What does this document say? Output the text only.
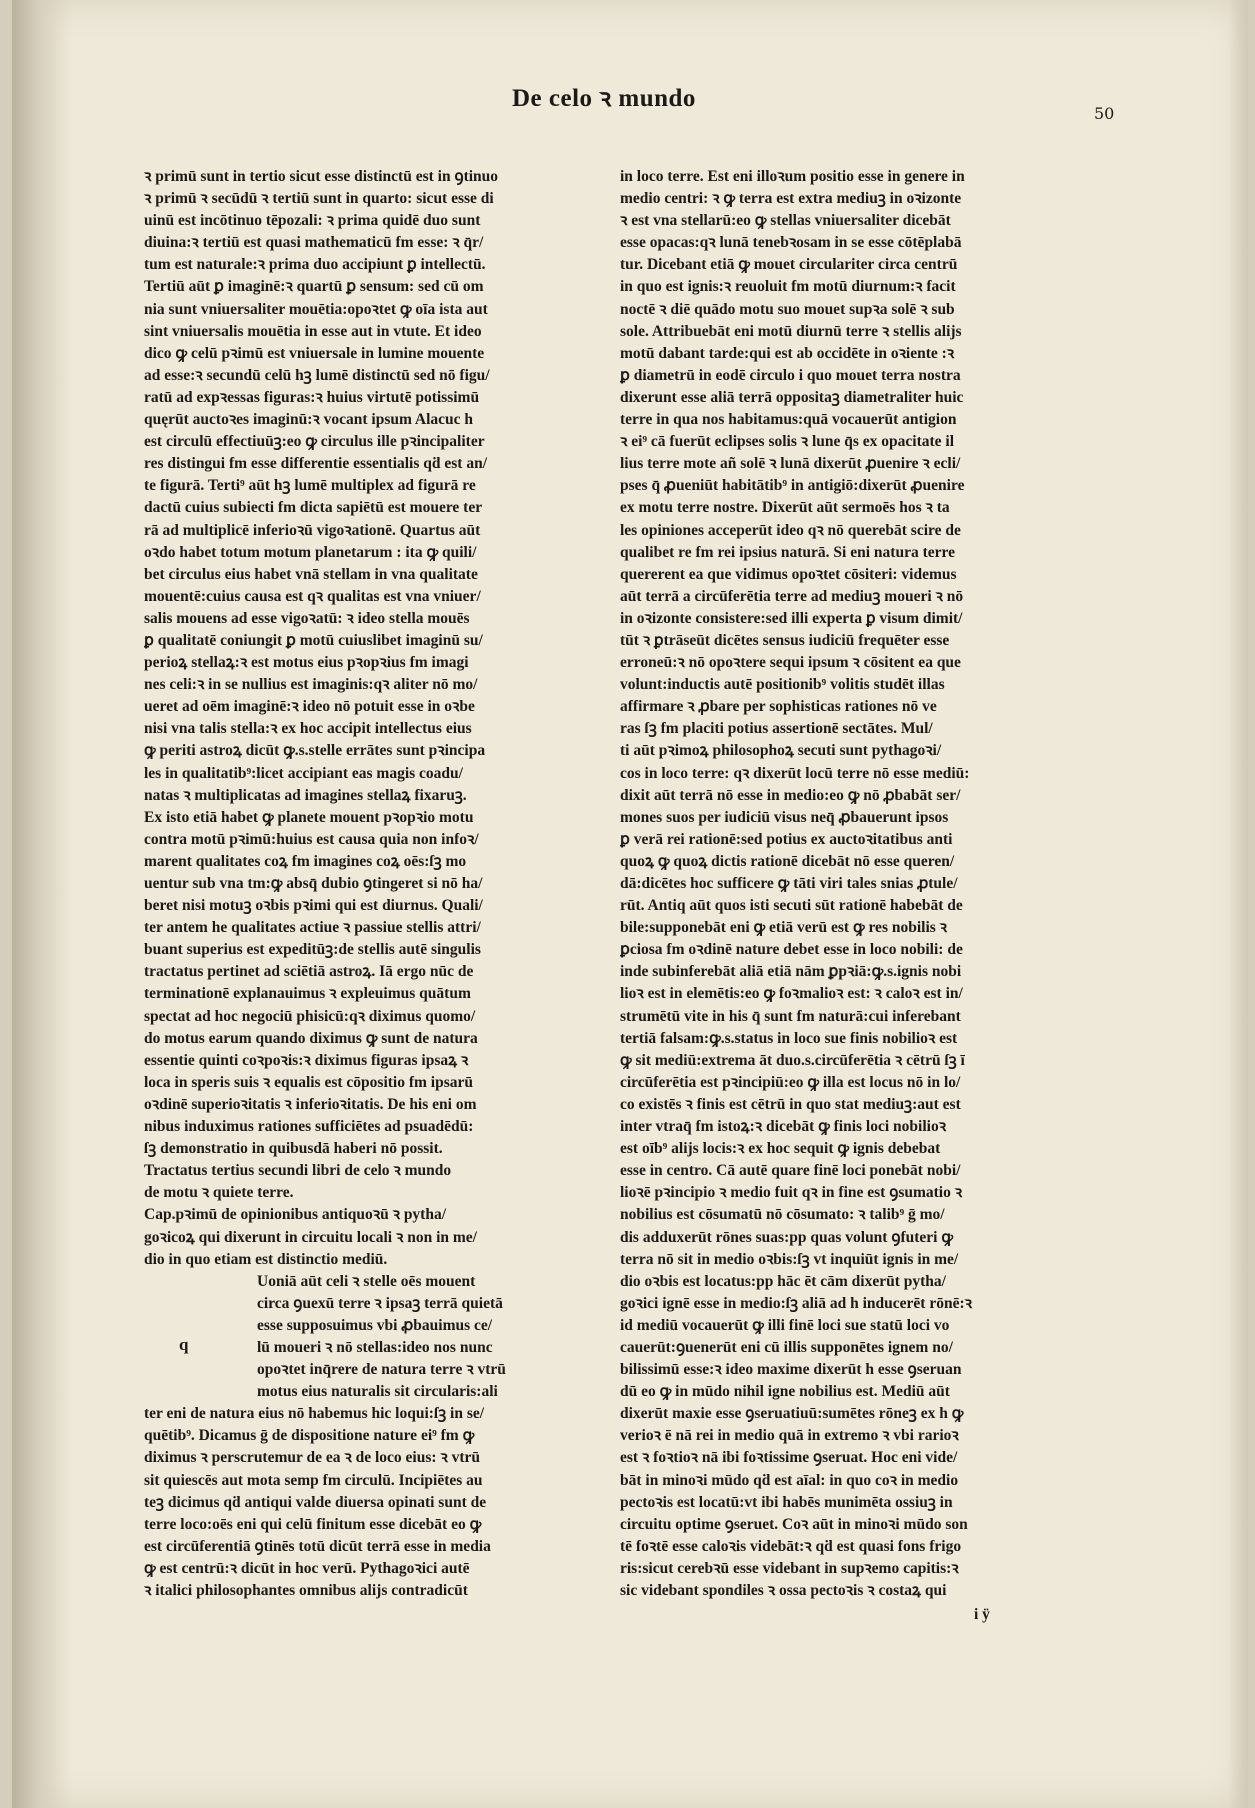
De celo ꝛ mundo
50
ꝛ primū sunt in tertio sicut esse distinctū est in ꝯtinuo
ꝛ primū ꝛ secūdū ꝛ tertiū sunt in quarto: sicut esse di
uinū est incōtinuo tēpozali: ꝛ prima quidē duo sunt
diuina:ꝛ tertiū est quasi mathematicū fm esse: ꝛ q̄r/
tum est naturale:ꝛ prima duo accipiunt ꝑ intellectū.
Tertiū aūt ꝑ imaginē:ꝛ quartū ꝑ sensum: sed cū om
nia sunt vniuersaliter mouētia:opoꝛtet ꝙ oīa ista aut
sint vniuersalis mouētia in esse aut in vtute. Et ideo
dico ꝙ celū pꝛimū est vniuersale in lumine mouente
ad esse:ꝛ secundū celū hꝫ lumē distinctū sed nō figu/
ratū ad expꝛessas figuras:ꝛ huius virtutē potissimū
quęrūt auctoꝛes imaginū:ꝛ vocant ipsum Alacuc h
est circulū effectiuūꝫ:eo ꝙ circulus ille pꝛincipaliter
res distingui fm esse differentie essentialis qḋ est an/
te figurā. Terti⁹ aūt hꝫ lumē multiplex ad figurā re
dactū cuius subiecti fm dicta sapiētū est mouere ter
rā ad multiplicē inferioꝛū vigoꝛationē. Quartus aūt
oꝛdo habet totum motum planetarum : ita ꝙ quili/
bet circulus eius habet vnā stellam in vna qualitate
mouentē:cuius causa est qꝛ qualitas est vna vniuer/
salis mouens ad esse vigoꝛatū: ꝛ ideo stella mouēs
ꝑ qualitatē coniungit ꝑ motū cuiuslibet imaginū su/
perioꝝ stellaꝝ:ꝛ est motus eius pꝛopꝛius fm imagi
nes celi:ꝛ in se nullius est imaginis:qꝛ aliter nō mo/
ueret ad oēm imaginē:ꝛ ideo nō potuit esse in oꝛbe
nisi vna talis stella:ꝛ ex hoc accipit intellectus eius
ꝙ periti astroꝝ dicūt ꝙ.s.stelle errātes sunt pꝛincipa
les in qualitatib⁹:licet accipiant eas magis coadu/
natas ꝛ multiplicatas ad imagines stellaꝝ fixaruꝫ.
Ex isto etiā habet ꝙ planete mouent pꝛopꝛio motu
contra motū pꝛimū:huius est causa quia non infoꝛ/
marent qualitates coꝝ fm imagines coꝝ oēs:ſꝫ mo
uentur sub vna tm:ꝙ absq̄ dubio ꝯtingeret si nō ha/
beret nisi motuꝫ oꝛbis pꝛimi qui est diurnus. Quali/
ter antem he qualitates actiue ꝛ passiue stellis attri/
buant superius est expeditūꝫ:de stellis autē singulis
tractatus pertinet ad sciētiā astroꝝ. Iā ergo nūc de
terminationē explanauimus ꝛ expleuimus quātum
spectat ad hoc negociū phisicū:qꝛ diximus quomo/
do motus earum quando diximus ꝙ sunt de natura
essentie quinti coꝛpoꝛis:ꝛ diximus figuras ipsaꝝ ꝛ
loca in speris suis ꝛ equalis est cōpositio fm ipsarū
oꝛdinē superioꝛitatis ꝛ inferioꝛitatis. De his eni om
nibus induximus rationes sufficiētes ad psuadēdū:
ſꝫ demonstratio in quibusdā haberi nō possit.
Tractatus tertius secundi libri de celo ꝛ mundo
de motu ꝛ quiete terre.
Cap.pꝛimū de opinionibus antiquoꝛū ꝛ pytha/
goꝛicoꝝ qui dixerunt in circuitu locali ꝛ non in me/
dio in quo etiam est distinctio mediū.
Uoniā aūt celi ꝛ stelle oēs mouent
circa ꝯuexū terre ꝛ ipsaꝫ terrā quietā
esse supposuimus vbi ꝓbauimus ce/
lū moueri ꝛ nō stellas:ideo nos nunc
opoꝛtet inq̄rere de natura terre ꝛ vtrū
motus eius naturalis sit circularis:ali
ter eni de natura eius nō habemus hic loqui:ſꝫ in se/
quētib⁹. Dicamus ḡ de dispositione nature ei⁹ fm ꝙ
diximus ꝛ perscrutemur de ea ꝛ de loco eius: ꝛ vtrū
sit quiescēs aut mota semp fm circulū. Incipiētes au
teꝫ dicimus qḋ antiqui valde diuersa opinati sunt de
terre loco:oēs eni qui celū finitum esse dicebāt eo ꝙ
est circūferentiā ꝯtinēs totū dicūt terrā esse in media
ꝙ est centrū:ꝛ dicūt in hoc verū. Pythagoꝛici autē
ꝛ italici philosophantes omnibus alijs contradicūt
in loco terre. Est eni illoꝛum positio esse in genere in
medio centri: ꝛ ꝙ terra est extra mediuꝫ in oꝛizonte
ꝛ est vna stellarū:eo ꝙ stellas vniuersaliter dicebāt
esse opacas:qꝛ lunā tenebꝛosam in se esse cōtēplabā
tur. Dicebant etiā ꝙ mouet circulariter circa centrū
in quo est ignis:ꝛ reuoluit fm motū diurnum:ꝛ facit
noctē ꝛ diē quādo motu suo mouet supꝛa solē ꝛ sub
sole. Attribuebāt eni motū diurnū terre ꝛ stellis alijs
motū dabant tarde:qui est ab occidēte in oꝛiente :ꝛ
ꝑ diametrū in eodē circulo i quo mouet terra nostra
dixerunt esse aliā terrā oppositaꝫ diametraliter huic
terre in qua nos habitamus:quā vocauerūt antigion
ꝛ ei⁹ cā fuerūt eclipses solis ꝛ lune q̄s ex opacitate il
lius terre mote añ solē ꝛ lunā dixerūt ꝓuenire ꝛ ecli/
pses q̄ ꝓueniūt habitātib⁹ in antigiō:dixerūt ꝓuenire
ex motu terre nostre. Dixerūt aūt sermoēs hos ꝛ ta
les opiniones acceperūt ideo qꝛ nō querebāt scire de
qualibet re fm rei ipsius naturā. Si eni natura terre
quererent ea que vidimus opoꝛtet cōsiteri: videmus
aūt terrā a circūferētia terre ad mediuꝫ moueri ꝛ nō
in oꝛizonte consistere:sed illi experta ꝑ visum dimit/
tūt ꝛ ꝑtrāseūt dicētes sensus iudiciū frequēter esse
erroneū:ꝛ nō opoꝛtere sequi ipsum ꝛ cōsitent ea que
volunt:inductis autē positionib⁹ volitis studēt illas
affirmare ꝛ ꝓbare per sophisticas rationes nō ve
ras ſꝫ fm placiti potius assertionē sectātes. Mul/
ti aūt pꝛimoꝝ philosophoꝝ secuti sunt pythagoꝛi/
cos in loco terre: qꝛ dixerūt locū terre nō esse mediū:
dixit aūt terrā nō esse in medio:eo ꝙ nō ꝓbabāt ser/
mones suos per iudiciū visus neq̄ ꝓbauerunt ipsos
ꝑ verā rei rationē:sed potius ex auctoꝛitatibus anti
quoꝝ ꝙ quoꝝ dictis rationē dicebāt nō esse queren/
dā:dicētes hoc sufficere ꝙ tāti viri tales snias ꝓtule/
rūt. Antiq aūt quos isti secuti sūt rationē habebāt de
bile:supponebāt eni ꝙ etiā verū est ꝙ res nobilis ꝛ
ꝑciosa fm oꝛdinē nature debet esse in loco nobili: de
inde subinferebāt aliā etiā nām ꝑpꝛiā:ꝙ.s.ignis nobi
lioꝛ est in elemētis:eo ꝙ foꝛmalioꝛ est: ꝛ caloꝛ est in/
strumētū vite in his q̄ sunt fm naturā:cui inferebant
tertiā falsam:ꝙ.s.status in loco sue finis nobilioꝛ est
ꝙ sit mediū:extrema āt duo.s.circūferētia ꝛ cētrū ſꝫ ī
circūferētia est pꝛincipiū:eo ꝙ illa est locus nō in lo/
co existēs ꝛ finis est cētrū in quo stat mediuꝫ:aut est
inter vtraq̄ fm istoꝝ:ꝛ dicebāt ꝙ finis loci nobilioꝛ
est oīb⁹ alijs locis:ꝛ ex hoc sequit ꝙ ignis debebat
esse in centro. Cā autē quare finē loci ponebāt nobi/
lioꝛē pꝛincipio ꝛ medio fuit qꝛ in fine est ꝯsumatio ꝛ
nobilius est cōsumatū nō cōsumato: ꝛ talib⁹ ḡ mo/
dis adduxerūt rōnes suas:pp quas volunt ꝯfuteri ꝙ
terra nō sit in medio oꝛbis:ſꝫ vt inquiūt ignis in me/
dio oꝛbis est locatus:pp hāc ēt cām dixerūt pytha/
goꝛici ignē esse in medio:ſꝫ aliā ad h inducerēt rōnē:ꝛ
id mediū vocauerūt ꝙ illi finē loci sue statū loci vo
cauerūt:ꝯuenerūt eni cū illis supponētes ignem no/
bilissimū esse:ꝛ ideo maxime dixerūt h esse ꝯseruan
dū eo ꝙ in mūdo nihil igne nobilius est. Mediū aūt
dixerūt maxie esse ꝯseruatiuū:sumētes rōneꝫ ex h ꝙ
verioꝛ ē nā rei in medio quā in extremo ꝛ vbi rarioꝛ
est ꝛ foꝛtioꝛ nā ibi foꝛtissime ꝯseruat. Hoc eni vide/
bāt in minoꝛi mūdo qḋ est aīal: in quo coꝛ in medio
pectoꝛis est locatū:vt ibi habēs munimēta ossiuꝫ in
circuitu optime ꝯseruet. Coꝛ aūt in minoꝛi mūdo son
tē foꝛtē esse caloꝛis videbāt:ꝛ qḋ est quasi fons frigo
ris:sicut cerebꝛū esse videbant in supꝛemo capitis:ꝛ
sic videbant spondiles ꝛ ossa pectoꝛis ꝛ costaꝝ qui
q
i ÿ
